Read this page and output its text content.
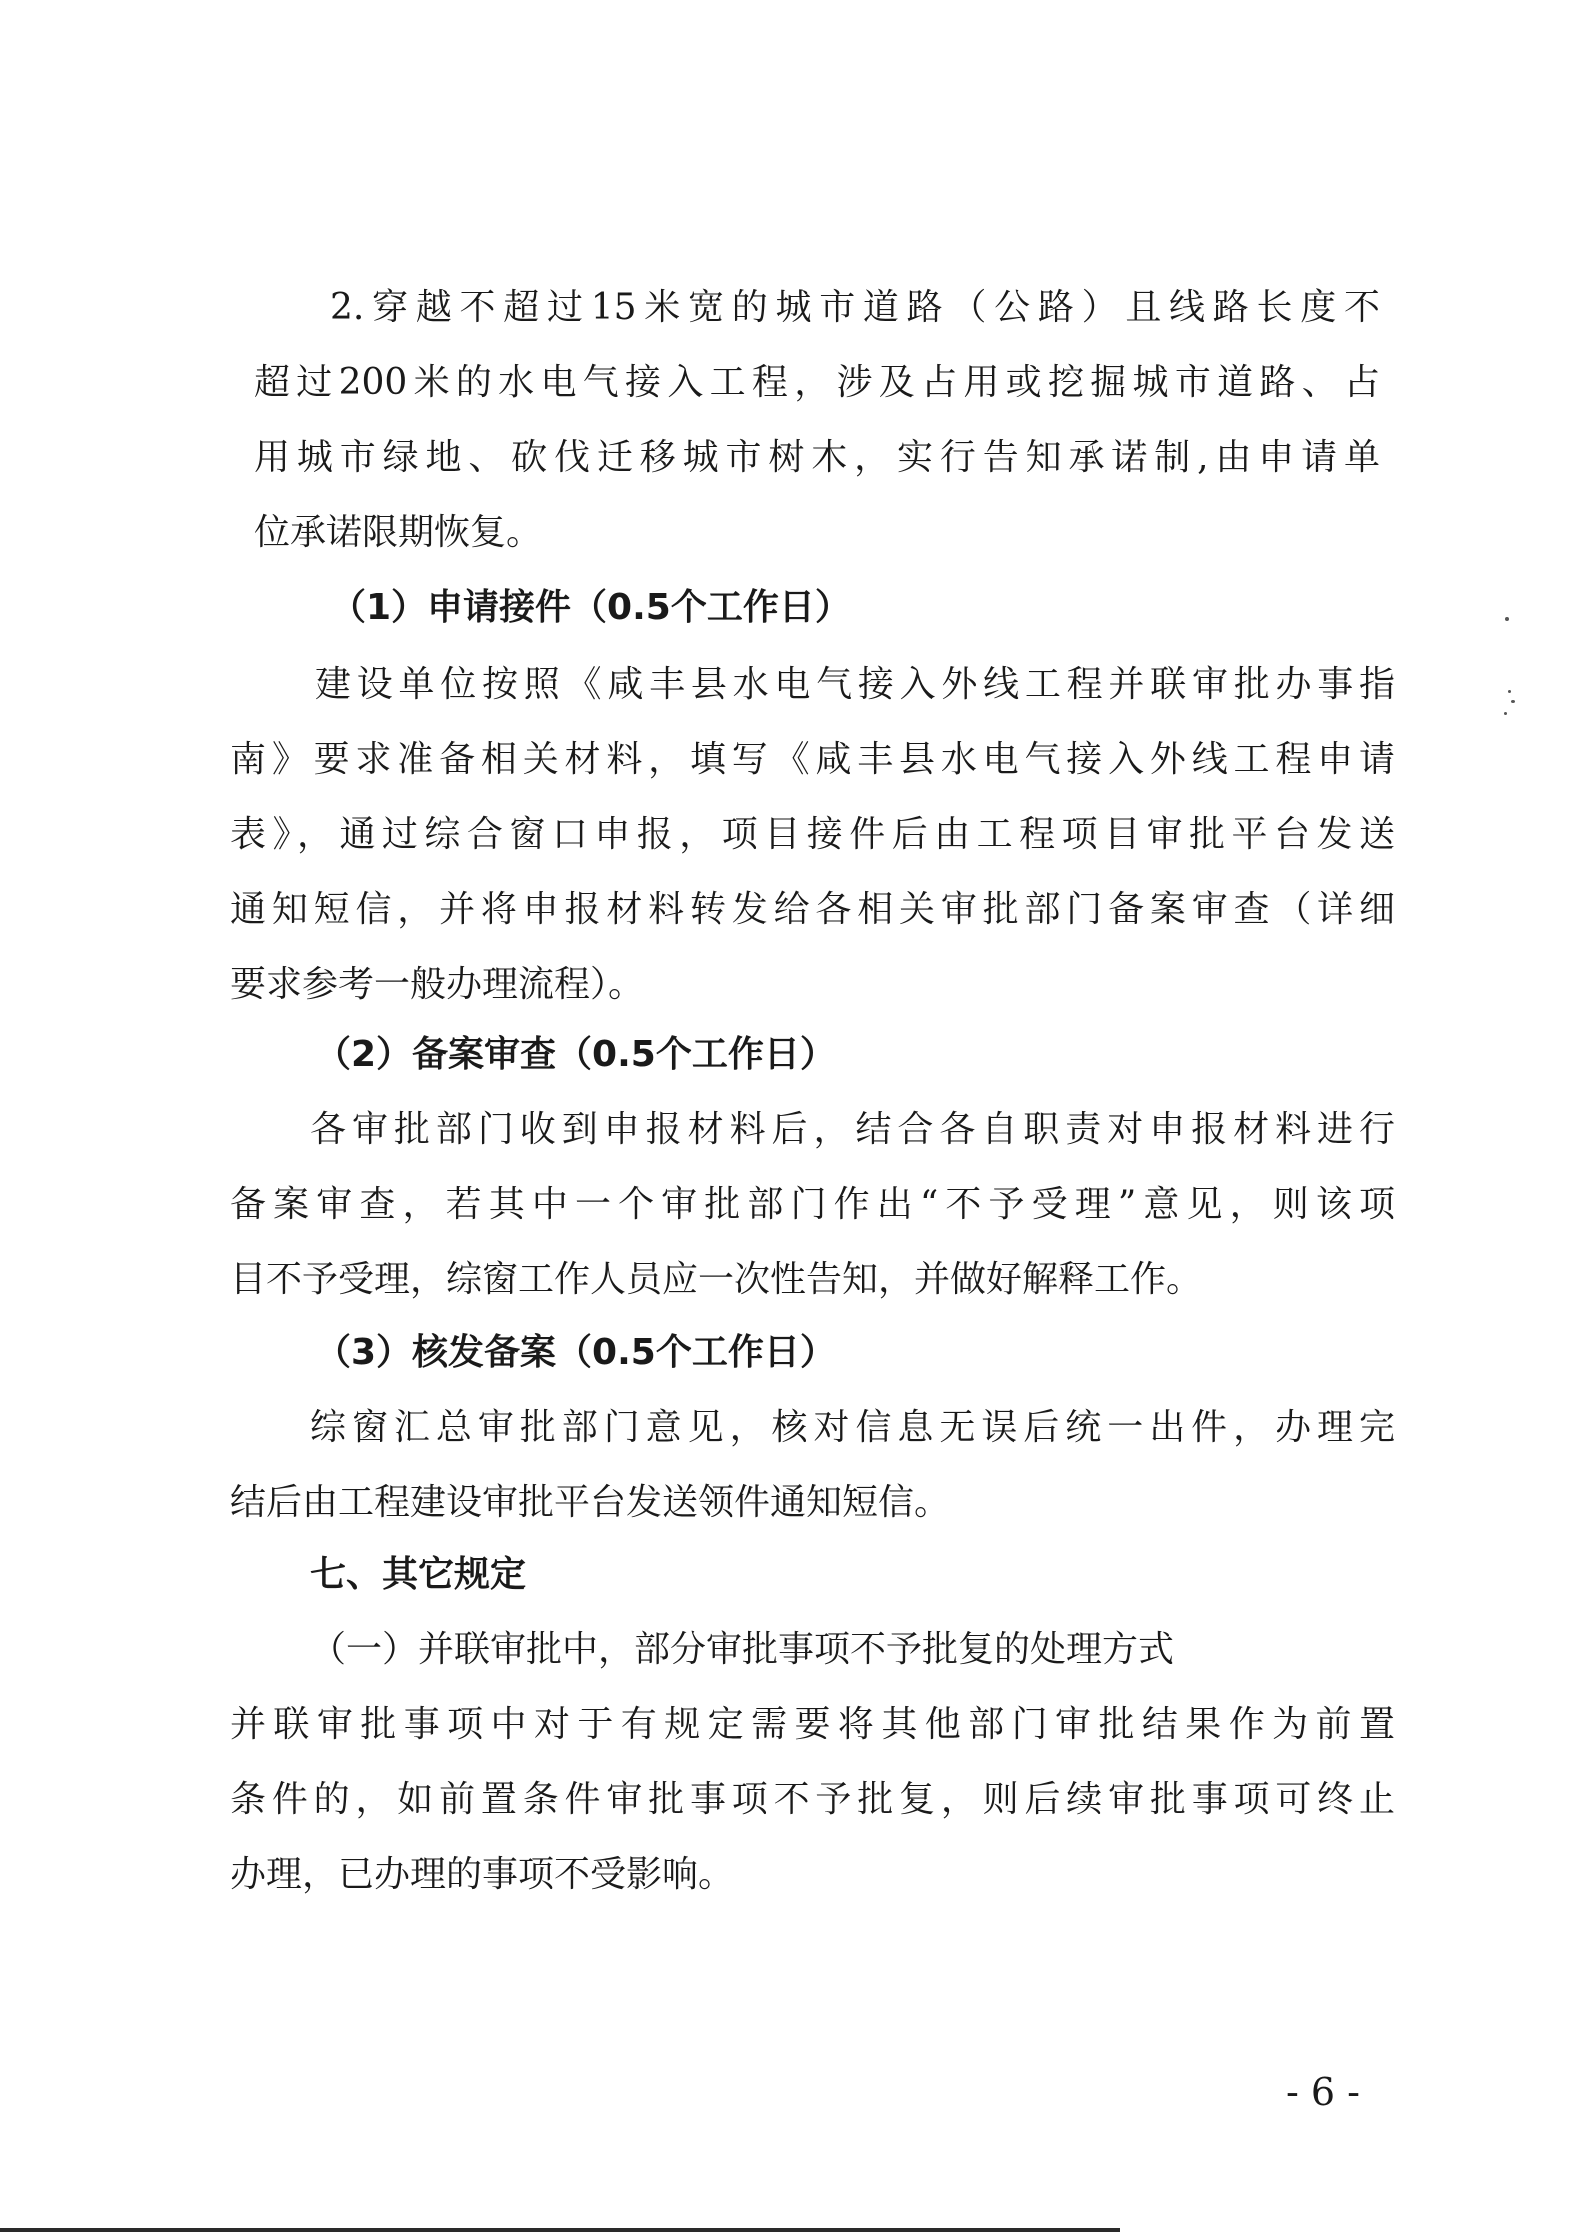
2.穿越不超过15米宽的城市道路（公路）且线路长度不
超过200米的水电气接入工程，涉及占用或挖掘城市道路、占
用城市绿地、砍伐迁移城市树木，实行告知承诺制,由申请单
位承诺限期恢复。
（1）申请接件（0.5个工作日）
建设单位按照《咸丰县水电气接入外线工程并联审批办事指
南》要求准备相关材料，填写《咸丰县水电气接入外线工程申请
表》，通过综合窗口申报，项目接件后由工程项目审批平台发送
通知短信，并将申报材料转发给各相关审批部门备案审查（详细
要求参考一般办理流程）。
（2）备案审查（0.5个工作日）
各审批部门收到申报材料后，结合各自职责对申报材料进行
备案审查，若其中一个审批部门作出“不予受理”意见，则该项
目不予受理，综窗工作人员应一次性告知，并做好解释工作。
（3）核发备案（0.5个工作日）
综窗汇总审批部门意见，核对信息无误后统一出件，办理完
结后由工程建设审批平台发送领件通知短信。
七、其它规定
（一）并联审批中，部分审批事项不予批复的处理方式
并联审批事项中对于有规定需要将其他部门审批结果作为前置
条件的，如前置条件审批事项不予批复，则后续审批事项可终止
办理，已办理的事项不受影响。
- 6 -
